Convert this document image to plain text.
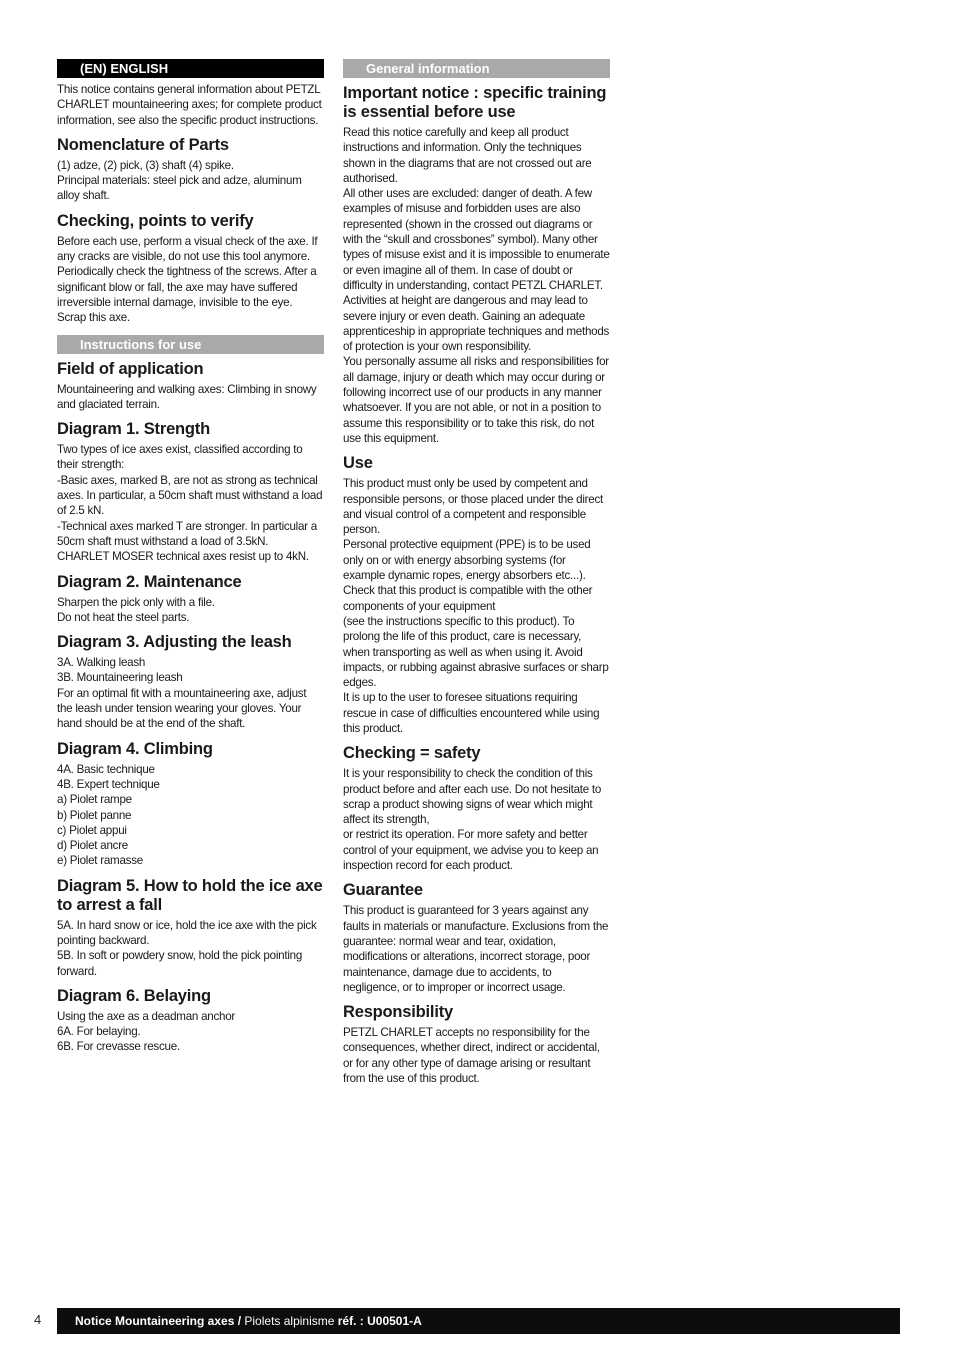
(EN) ENGLISH

This notice contains general information about PETZL CHARLET mountaineering axes; for complete product information, see also the specific product instructions.

Nomenclature of Parts

(1) adze, (2) pick, (3) shaft (4) spike.
Principal materials: steel pick and adze, aluminum alloy shaft.

Checking, points to verify

Before each use, perform a visual check of the axe. If any cracks are visible, do not use this tool anymore. Periodically check the tightness of the screws. After a significant blow or fall, the axe may have suffered irreversible internal damage, invisible to the eye. Scrap this axe.

Instructions for use
Field of application

Mountaineering and walking axes: Climbing in snowy and glaciated terrain.

Diagram 1. Strength

Two types of ice axes exist, classified according to their strength:
-Basic axes, marked B, are not as strong as technical axes. In particular, a 50cm shaft must withstand a load of 2.5 kN.
-Technical axes marked T are stronger. In particular a 50cm shaft must withstand a load of 3.5kN.
CHARLET MOSER technical axes resist up to 4kN.

Diagram 2. Maintenance

Sharpen the pick only with a file.
Do not heat the steel parts.

Diagram 3. Adjusting the leash

3A. Walking leash
3B. Mountaineering leash
For an optimal fit with a mountaineering axe, adjust the leash under tension wearing your gloves. Your hand should be at the end of the shaft.

Diagram 4. Climbing

4A. Basic technique
4B. Expert technique
a) Piolet rampe
b) Piolet panne
c) Piolet appui
d) Piolet ancre
e) Piolet ramasse

Diagram 5. How to hold the ice axe to arrest a fall

5A. In hard snow or ice, hold the ice axe with the pick pointing backward.
5B. In soft or powdery snow, hold the pick pointing forward.

Diagram 6. Belaying

Using the axe as a deadman anchor
6A. For belaying.
6B. For crevasse rescue.

General information
Important notice : specific training is essential before use

Read this notice carefully and keep all product instructions and information. Only the techniques shown in the diagrams that are not crossed out are authorised.
All other uses are excluded: danger of death. A few examples of misuse and forbidden uses are also represented (shown in the crossed out diagrams or with the “skull and crossbones” symbol). Many other types of misuse exist and it is impossible to enumerate or even imagine all of them. In case of doubt or difficulty in understanding, contact PETZL CHARLET.
Activities at height are dangerous and may lead to severe injury or even death. Gaining an adequate apprenticeship in appropriate techniques and methods of protection is your own responsibility.
You personally assume all risks and responsibilities for all damage, injury or death which may occur during or following incorrect use of our products in any manner whatsoever. If you are not able, or not in a position to assume this responsibility or to take this risk, do not use this equipment.

Use

This product must only be used by competent and responsible persons, or those placed under the direct and visual control of a competent and responsible person.
Personal protective equipment (PPE) is to be used only on or with energy absorbing systems (for example dynamic ropes, energy absorbers etc...). Check that this product is compatible with the other components of your equipment
(see the instructions specific to this product). To prolong the life of this product, care is necessary, when transporting as well as when using it. Avoid impacts, or rubbing against abrasive surfaces or sharp edges.
It is up to the user to foresee situations requiring rescue in case of difficulties encountered while using this product.

Checking = safety

It is your responsibility to check the condition of this product before and after each use. Do not hesitate to scrap a product showing signs of wear which might affect its strength,
or restrict its operation. For more safety and better control of your equipment, we advise you to keep an inspection record for each product.

Guarantee

This product is guaranteed for 3 years against any faults in materials or manufacture. Exclusions from the guarantee: normal wear and tear, oxidation, modifications or alterations, incorrect storage, poor maintenance, damage due to accidents, to negligence, or to improper or incorrect usage.

Responsibility

PETZL CHARLET accepts no responsibility for the consequences, whether direct, indirect or accidental, or for any other type of damage arising or resultant from the use of this product.

4	Notice Mountaineering axes / Piolets alpinisme réf. : U00501-A
